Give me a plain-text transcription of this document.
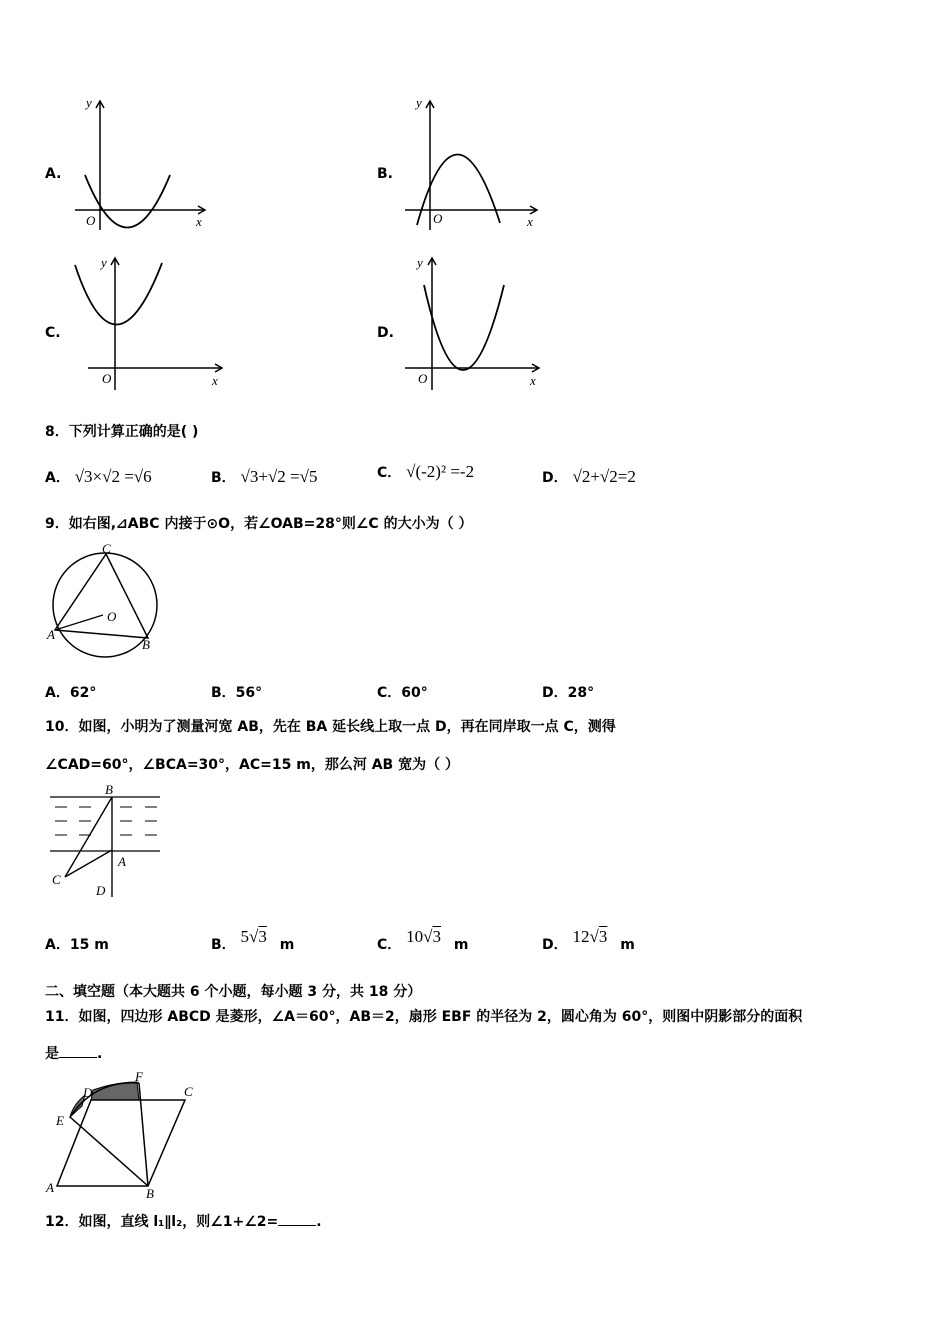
A.
y
x
O
B.
y
x
O
C.
y
x
O
D.
y
x
O
8．下列计算正确的是( )
A． √3×√2 =√6	B． √3+√2 =√5	C． √(-2)² =-2	D． √2+√2=2
9．如右图,⊿ABC 内接于⊙O，若∠OAB=28°则∠C 的大小为（ ）
C
O
A
B
A．62°	B．56°	C．60°	D．28°
10．如图，小明为了测量河宽 AB，先在 BA 延长线上取一点 D，再在同岸取一点 C，测得
∠CAD=60°，∠BCA=30°，AC=15 m，那么河 AB 宽为（ ）
B
A
C
D
A．15 m	B． 5√3 m	C． 10√3 m	D． 12√3 m
二、填空题（本大题共 6 个小题，每小题 3 分，共 18 分）
11．如图，四边形 ABCD 是菱形，∠A＝60°，AB＝2，扇形 EBF 的半径为 2，圆心角为 60°，则图中阴影部分的面积
是	.
D
F
C
E
A	B
12．如图，直线 l₁∥l₂，则∠1+∠2=	.
